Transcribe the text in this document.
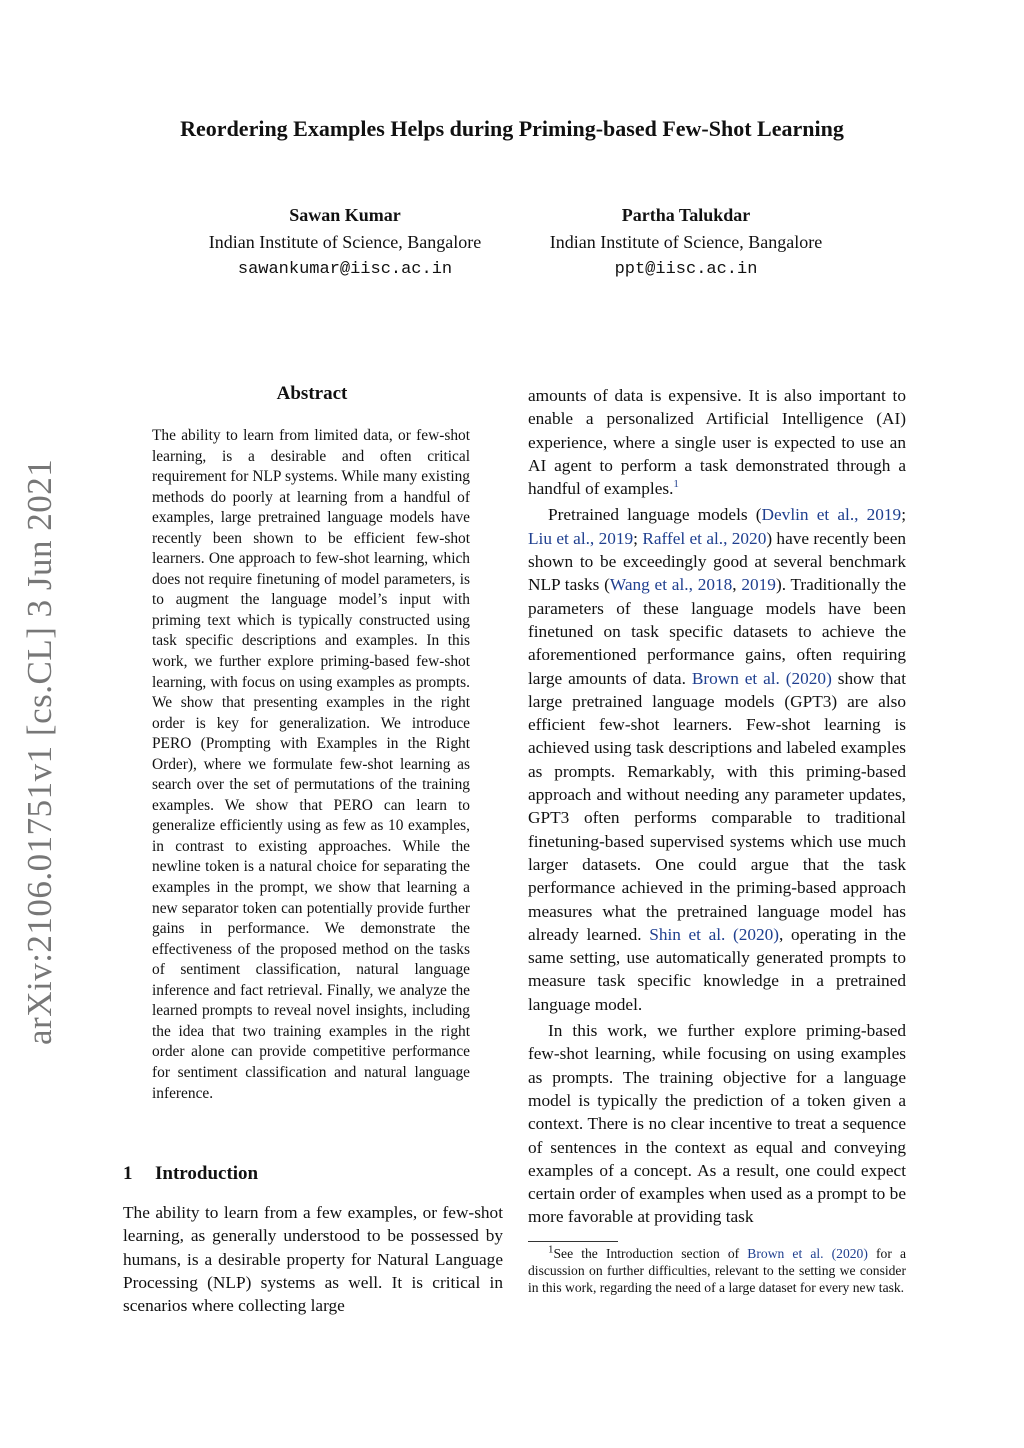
Reordering Examples Helps during Priming-based Few-Shot Learning
Sawan Kumar
Indian Institute of Science, Bangalore
sawankumar@iisc.ac.in
Partha Talukdar
Indian Institute of Science, Bangalore
ppt@iisc.ac.in
arXiv:2106.01751v1 [cs.CL] 3 Jun 2021
Abstract
The ability to learn from limited data, or few-shot learning, is a desirable and often critical requirement for NLP systems. While many existing methods do poorly at learning from a handful of examples, large pretrained language models have recently been shown to be efficient few-shot learners. One approach to few-shot learning, which does not require finetuning of model parameters, is to augment the language model’s input with priming text which is typically constructed using task specific descriptions and examples. In this work, we further explore priming-based few-shot learning, with focus on using examples as prompts. We show that presenting examples in the right order is key for generalization. We introduce PERO (Prompting with Examples in the Right Order), where we formulate few-shot learning as search over the set of permutations of the training examples. We show that PERO can learn to generalize efficiently using as few as 10 examples, in contrast to existing approaches. While the newline token is a natural choice for separating the examples in the prompt, we show that learning a new separator token can potentially provide further gains in performance. We demonstrate the effectiveness of the proposed method on the tasks of sentiment classification, natural language inference and fact retrieval. Finally, we analyze the learned prompts to reveal novel insights, including the idea that two training examples in the right order alone can provide competitive performance for sentiment classification and natural language inference.
1 Introduction
The ability to learn from a few examples, or few-shot learning, as generally understood to be possessed by humans, is a desirable property for Natural Language Processing (NLP) systems as well. It is critical in scenarios where collecting large

amounts of data is expensive. It is also important to enable a personalized Artificial Intelligence (AI) experience, where a single user is expected to use an AI agent to perform a task demonstrated through a handful of examples.$^1$

Pretrained language models (Devlin et al., 2019; Liu et al., 2019; Raffel et al., 2020) have recently been shown to be exceedingly good at several benchmark NLP tasks (Wang et al., 2018, 2019). Traditionally the parameters of these language models have been finetuned on task specific datasets to achieve the aforementioned performance gains, often requiring large amounts of data. Brown et al. (2020) show that large pretrained language models (GPT3) are also efficient few-shot learners. Few-shot learning is achieved using task descriptions and labeled examples as prompts. Remarkably, with this priming-based approach and without needing any parameter updates, GPT3 often performs comparable to traditional finetuning-based supervised systems which use much larger datasets. One could argue that the task performance achieved in the priming-based approach measures what the pretrained language model has already learned. Shin et al. (2020), operating in the same setting, use automatically generated prompts to measure task specific knowledge in a pretrained language model.

In this work, we further explore priming-based few-shot learning, while focusing on using examples as prompts. The training objective for a language model is typically the prediction of a token given a context. There is no clear incentive to treat a sequence of sentences in the context as equal and conveying examples of a concept. As a result, one could expect certain order of examples when used as a prompt to be more favorable at providing task

$^1$See the Introduction section of Brown et al. (2020) for a discussion on further difficulties, relevant to the setting we consider in this work, regarding the need of a large dataset for every new task.
